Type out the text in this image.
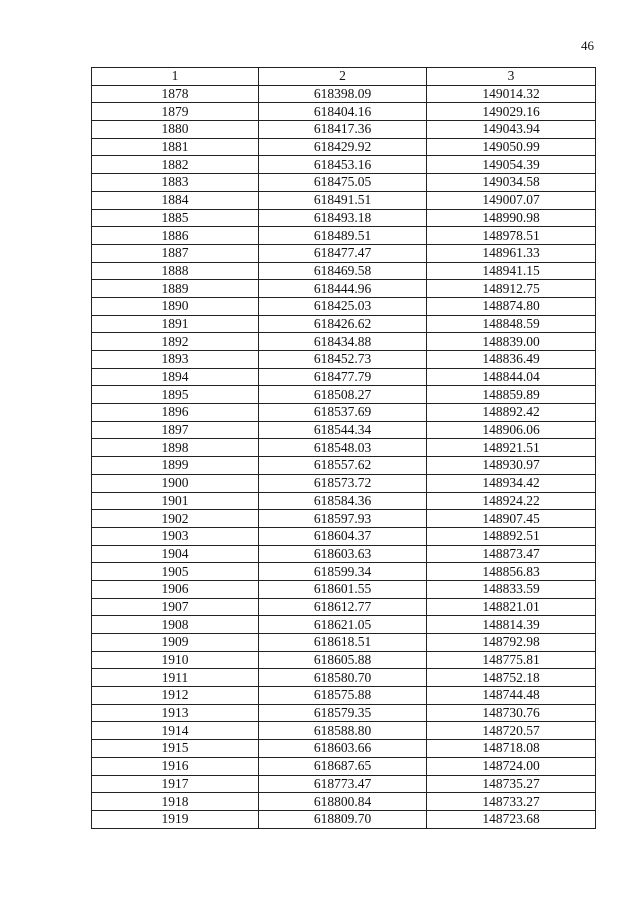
46
1	2	3
1878	618398.09	149014.32
1879	618404.16	149029.16
1880	618417.36	149043.94
1881	618429.92	149050.99
1882	618453.16	149054.39
1883	618475.05	149034.58
1884	618491.51	149007.07
1885	618493.18	148990.98
1886	618489.51	148978.51
1887	618477.47	148961.33
1888	618469.58	148941.15
1889	618444.96	148912.75
1890	618425.03	148874.80
1891	618426.62	148848.59
1892	618434.88	148839.00
1893	618452.73	148836.49
1894	618477.79	148844.04
1895	618508.27	148859.89
1896	618537.69	148892.42
1897	618544.34	148906.06
1898	618548.03	148921.51
1899	618557.62	148930.97
1900	618573.72	148934.42
1901	618584.36	148924.22
1902	618597.93	148907.45
1903	618604.37	148892.51
1904	618603.63	148873.47
1905	618599.34	148856.83
1906	618601.55	148833.59
1907	618612.77	148821.01
1908	618621.05	148814.39
1909	618618.51	148792.98
1910	618605.88	148775.81
1911	618580.70	148752.18
1912	618575.88	148744.48
1913	618579.35	148730.76
1914	618588.80	148720.57
1915	618603.66	148718.08
1916	618687.65	148724.00
1917	618773.47	148735.27
1918	618800.84	148733.27
1919	618809.70	148723.68
